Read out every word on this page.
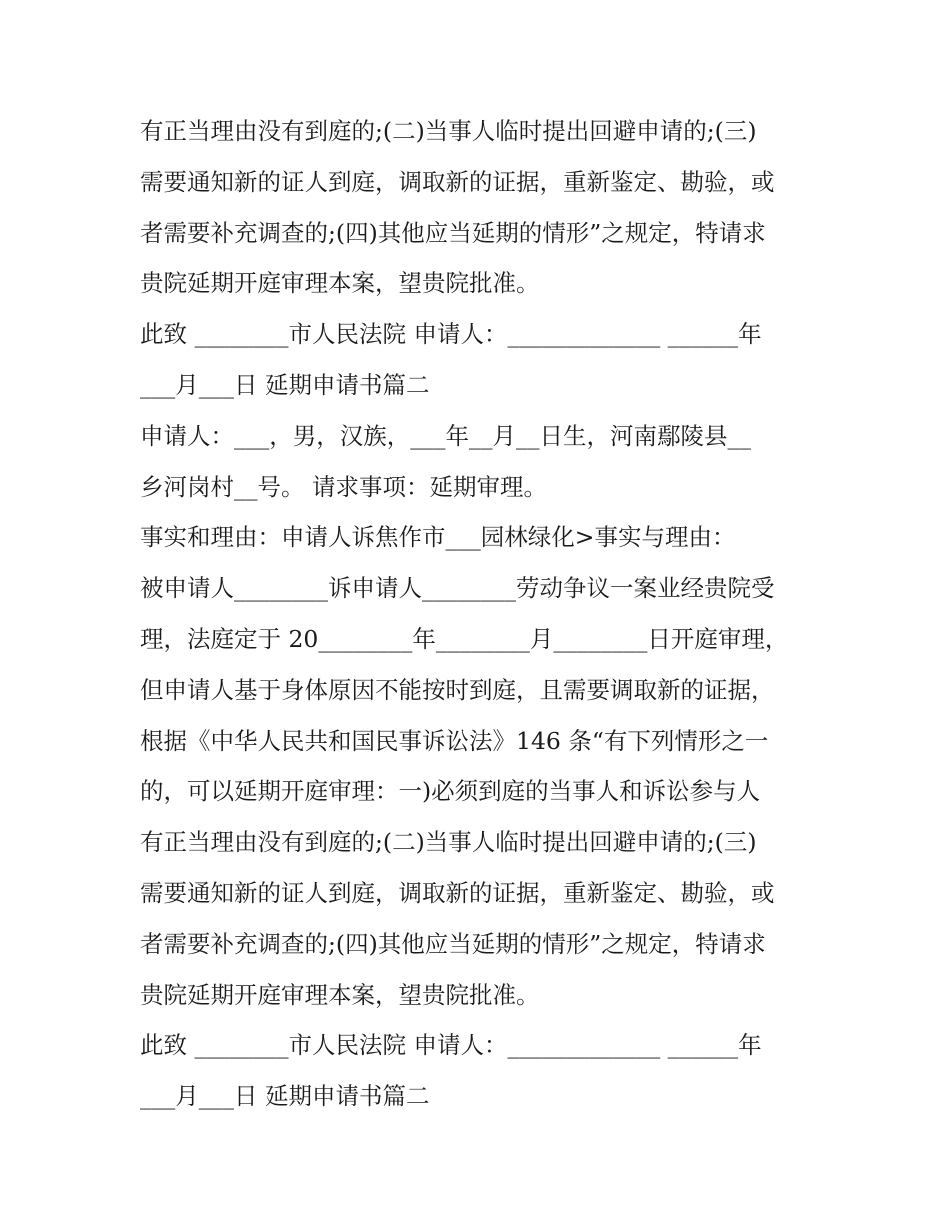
有正当理由没有到庭的;(二)当事人临时提出回避申请的;(三)
需要通知新的证人到庭，调取新的证据，重新鉴定、勘验，或
者需要补充调查的;(四)其他应当延期的情形”之规定，特请求
贵院延期开庭审理本案，望贵院批准。
此致 ________市人民法院 申请人：_____________ ______年
___月___日 延期申请书篇二
申请人：___，男，汉族，___年__月__日生，河南鄢陵县__
乡河岗村__号。 请求事项：延期审理。
事实和理由：申请人诉焦作市___园林绿化>事实与理由：
被申请人________诉申请人________劳动争议一案业经贵院受
理，法庭定于 20________年________月________日开庭审理，
但申请人基于身体原因不能按时到庭，且需要调取新的证据，
根据《中华人民共和国民事诉讼法》146 条“有下列情形之一
的，可以延期开庭审理：一)必须到庭的当事人和诉讼参与人
有正当理由没有到庭的;(二)当事人临时提出回避申请的;(三)
需要通知新的证人到庭，调取新的证据，重新鉴定、勘验，或
者需要补充调查的;(四)其他应当延期的情形”之规定，特请求
贵院延期开庭审理本案，望贵院批准。
此致 ________市人民法院 申请人：_____________ ______年
___月___日 延期申请书篇二
